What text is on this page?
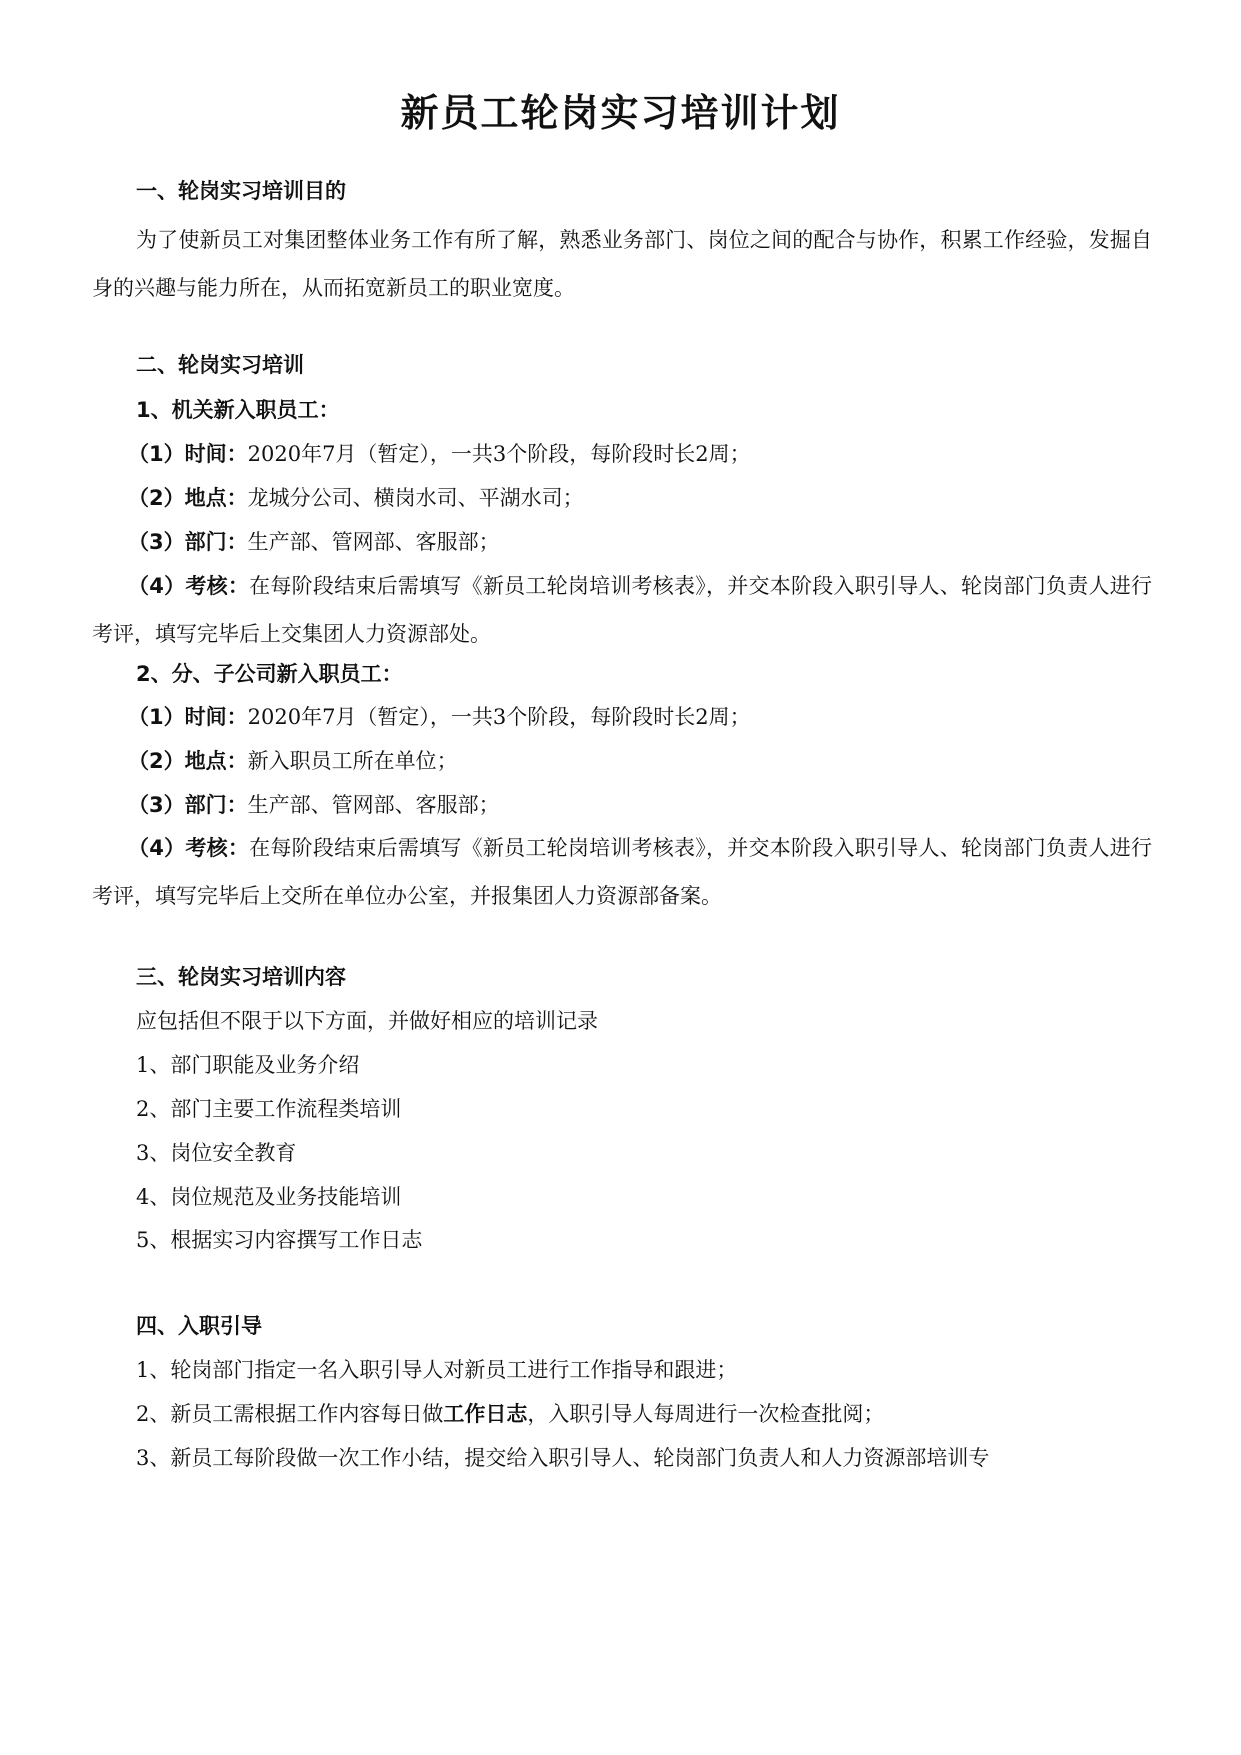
新员工轮岗实习培训计划
一、轮岗实习培训目的
为了使新员工对集团整体业务工作有所了解，熟悉业务部门、岗位之间的配合与协作，积累工作经验，发掘自身的兴趣与能力所在，从而拓宽新员工的职业宽度。
二、轮岗实习培训
1、机关新入职员工：
（1）时间：2020年7月（暂定），一共3个阶段，每阶段时长2周；
（2）地点：龙城分公司、横岗水司、平湖水司；
（3）部门：生产部、管网部、客服部；
（4）考核：在每阶段结束后需填写《新员工轮岗培训考核表》，并交本阶段入职引导人、轮岗部门负责人进行考评，填写完毕后上交集团人力资源部处。
2、分、子公司新入职员工：
（1）时间：2020年7月（暂定），一共3个阶段，每阶段时长2周；
（2）地点：新入职员工所在单位；
（3）部门：生产部、管网部、客服部；
（4）考核：在每阶段结束后需填写《新员工轮岗培训考核表》，并交本阶段入职引导人、轮岗部门负责人进行考评，填写完毕后上交所在单位办公室，并报集团人力资源部备案。
三、轮岗实习培训内容
应包括但不限于以下方面，并做好相应的培训记录
1、部门职能及业务介绍
2、部门主要工作流程类培训
3、岗位安全教育
4、岗位规范及业务技能培训
5、根据实习内容撰写工作日志
四、入职引导
1、轮岗部门指定一名入职引导人对新员工进行工作指导和跟进；
2、新员工需根据工作内容每日做工作日志，入职引导人每周进行一次检查批阅；
3、新员工每阶段做一次工作小结，提交给入职引导人、轮岗部门负责人和人力资源部培训专
